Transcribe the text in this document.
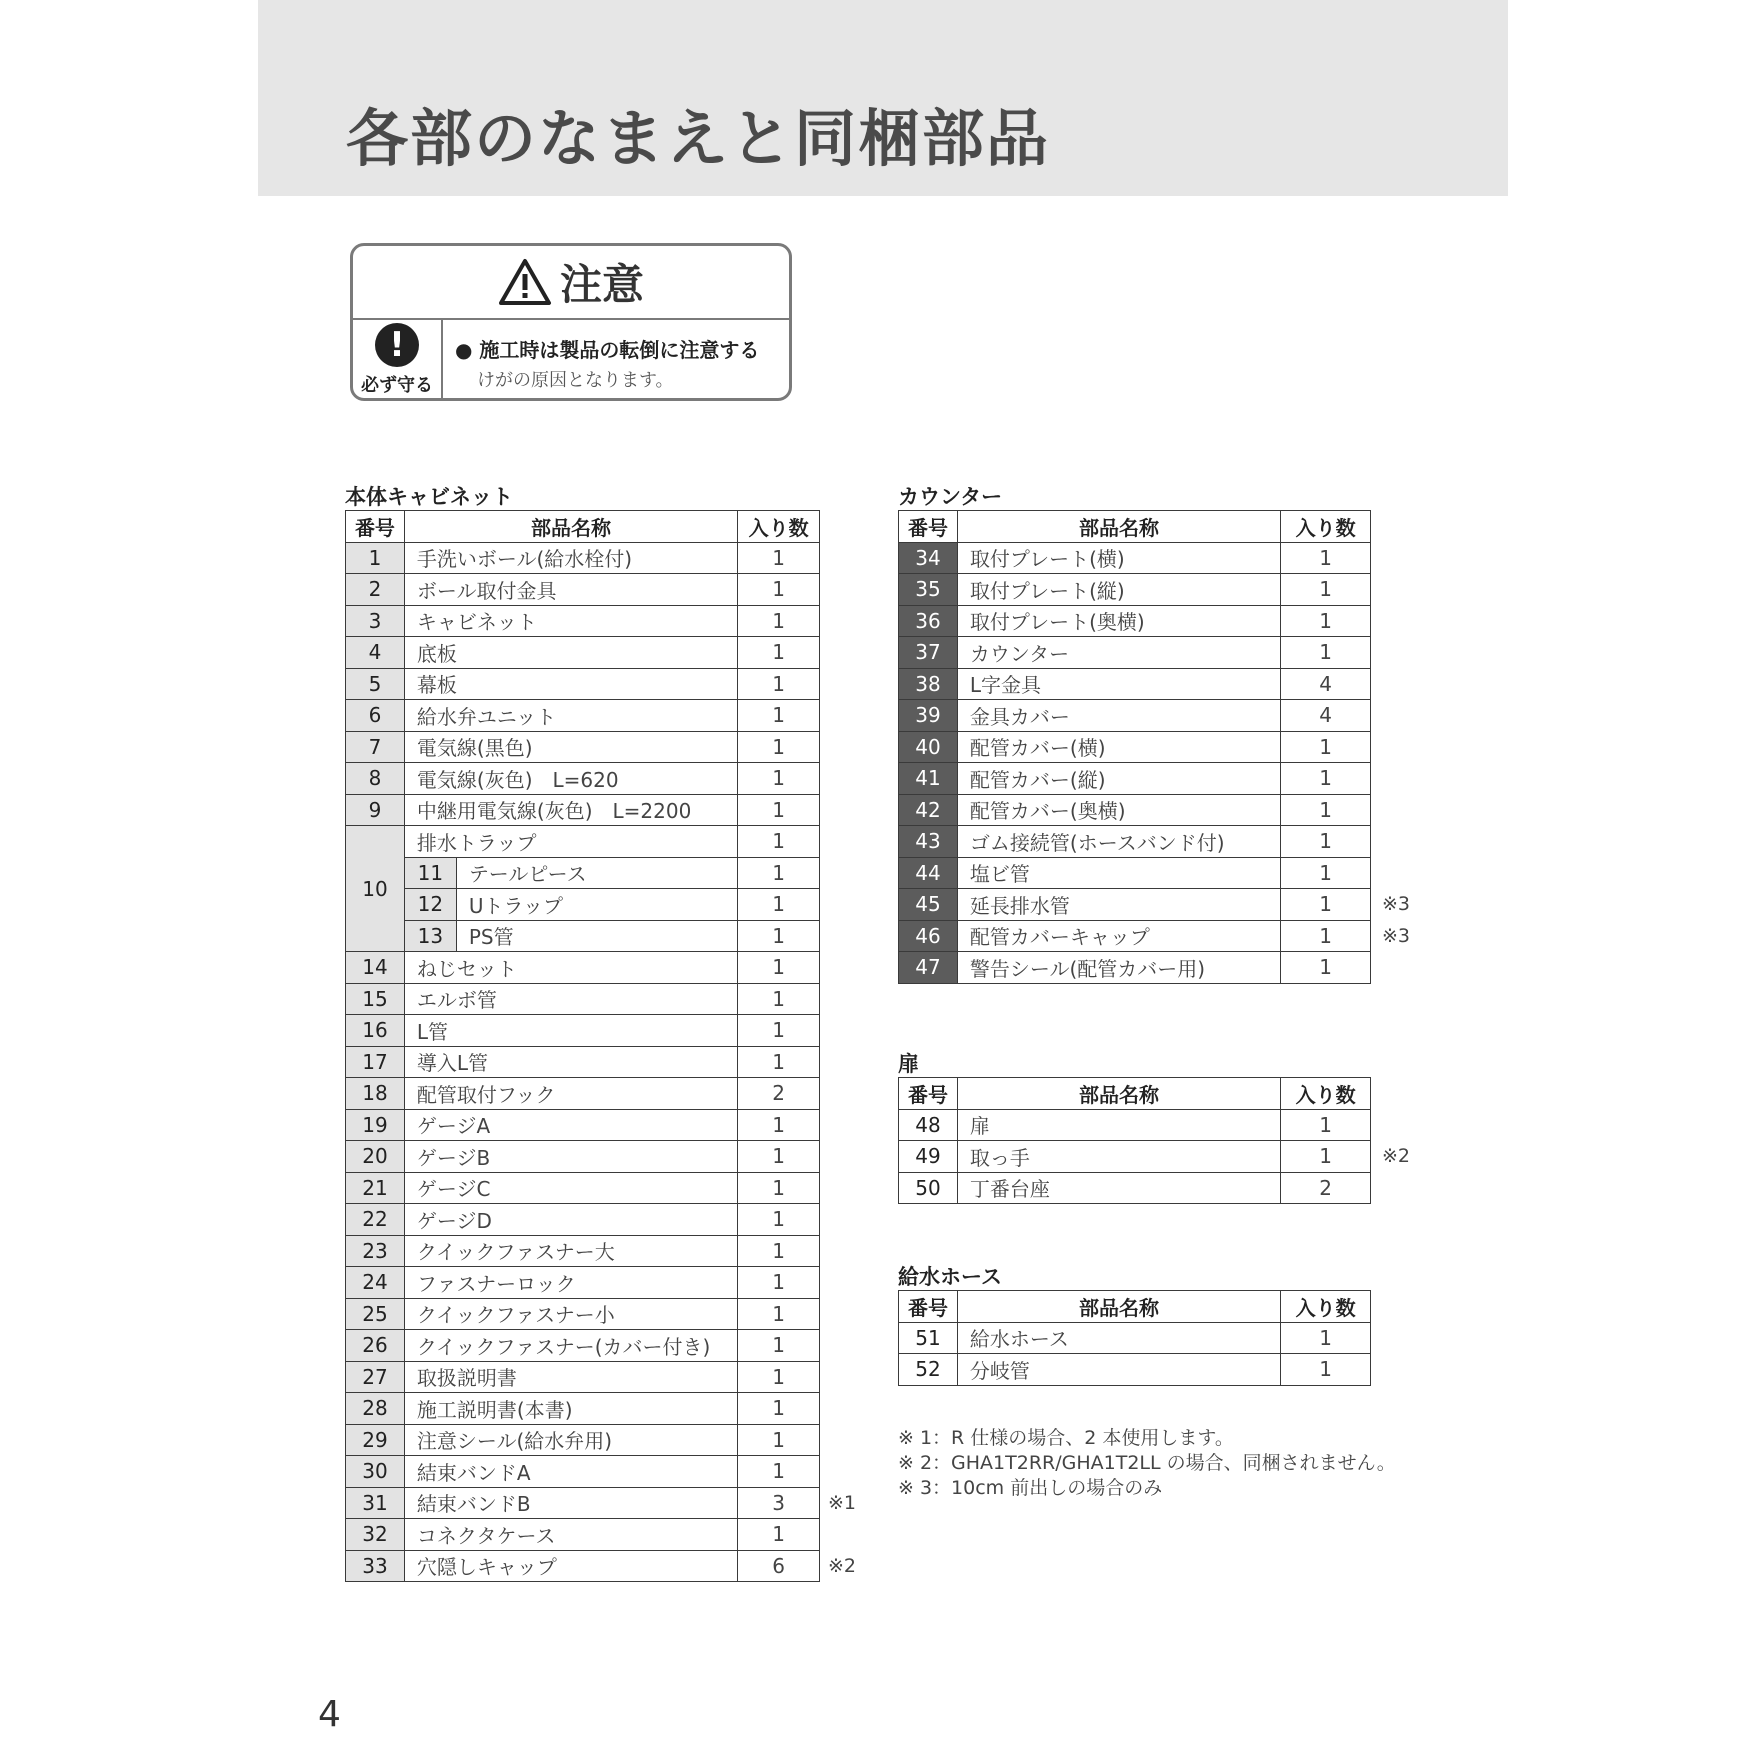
各部のなまえと同梱部品
注意
!
必ず守る
● 施工時は製品の転倒に注意する
けがの原因となります。
本体キャビネット
番号	部品名称		入り数
1	手洗いボール(給水栓付)		1
2	ボール取付金具		1
3	キャビネット		1
4	底板		1
5	幕板		1
6	給水弁ユニット		1
7	電気線(黒色)		1
8	電気線(灰色)　L=620		1
9	中継用電気線(灰色)　L=2200		1
10	排水トラップ		1
	11	テールピース	1
	12	Uトラップ	1
	13	PS管	1
14	ねじセット		1
15	エルボ管		1
16	L管		1
17	導入L管		1
18	配管取付フック		2
19	ゲージA		1
20	ゲージB		1
21	ゲージC		1
22	ゲージD		1
23	クイックファスナー大		1
24	ファスナーロック		1
25	クイックファスナー小		1
26	クイックファスナー(カバー付き)		1
27	取扱説明書		1
28	施工説明書(本書)		1
29	注意シール(給水弁用)		1
30	結束バンドA		1
31	結束バンドB		3
32	コネクタケース		1
33	穴隠しキャップ		6
※1
※2
カウンター
番号	部品名称	入り数
34	取付プレート(横)	1
35	取付プレート(縦)	1
36	取付プレート(奥横)	1
37	カウンター	1
38	L字金具	4
39	金具カバー	4
40	配管カバー(横)	1
41	配管カバー(縦)	1
42	配管カバー(奥横)	1
43	ゴム接続管(ホースバンド付)	1
44	塩ビ管	1
45	延長排水管	1
46	配管カバーキャップ	1
47	警告シール(配管カバー用)	1
※3
※3
扉
番号	部品名称	入り数
48	扉	1
49	取っ手	1
50	丁番台座	2
※2
給水ホース
番号	部品名称	入り数
51	給水ホース	1
52	分岐管	1
※ 1：R 仕様の場合、2 本使用します。
※ 2：GHA1T2RR/GHA1T2LL の場合、同梱されません。
※ 3：10cm 前出しの場合のみ

4
